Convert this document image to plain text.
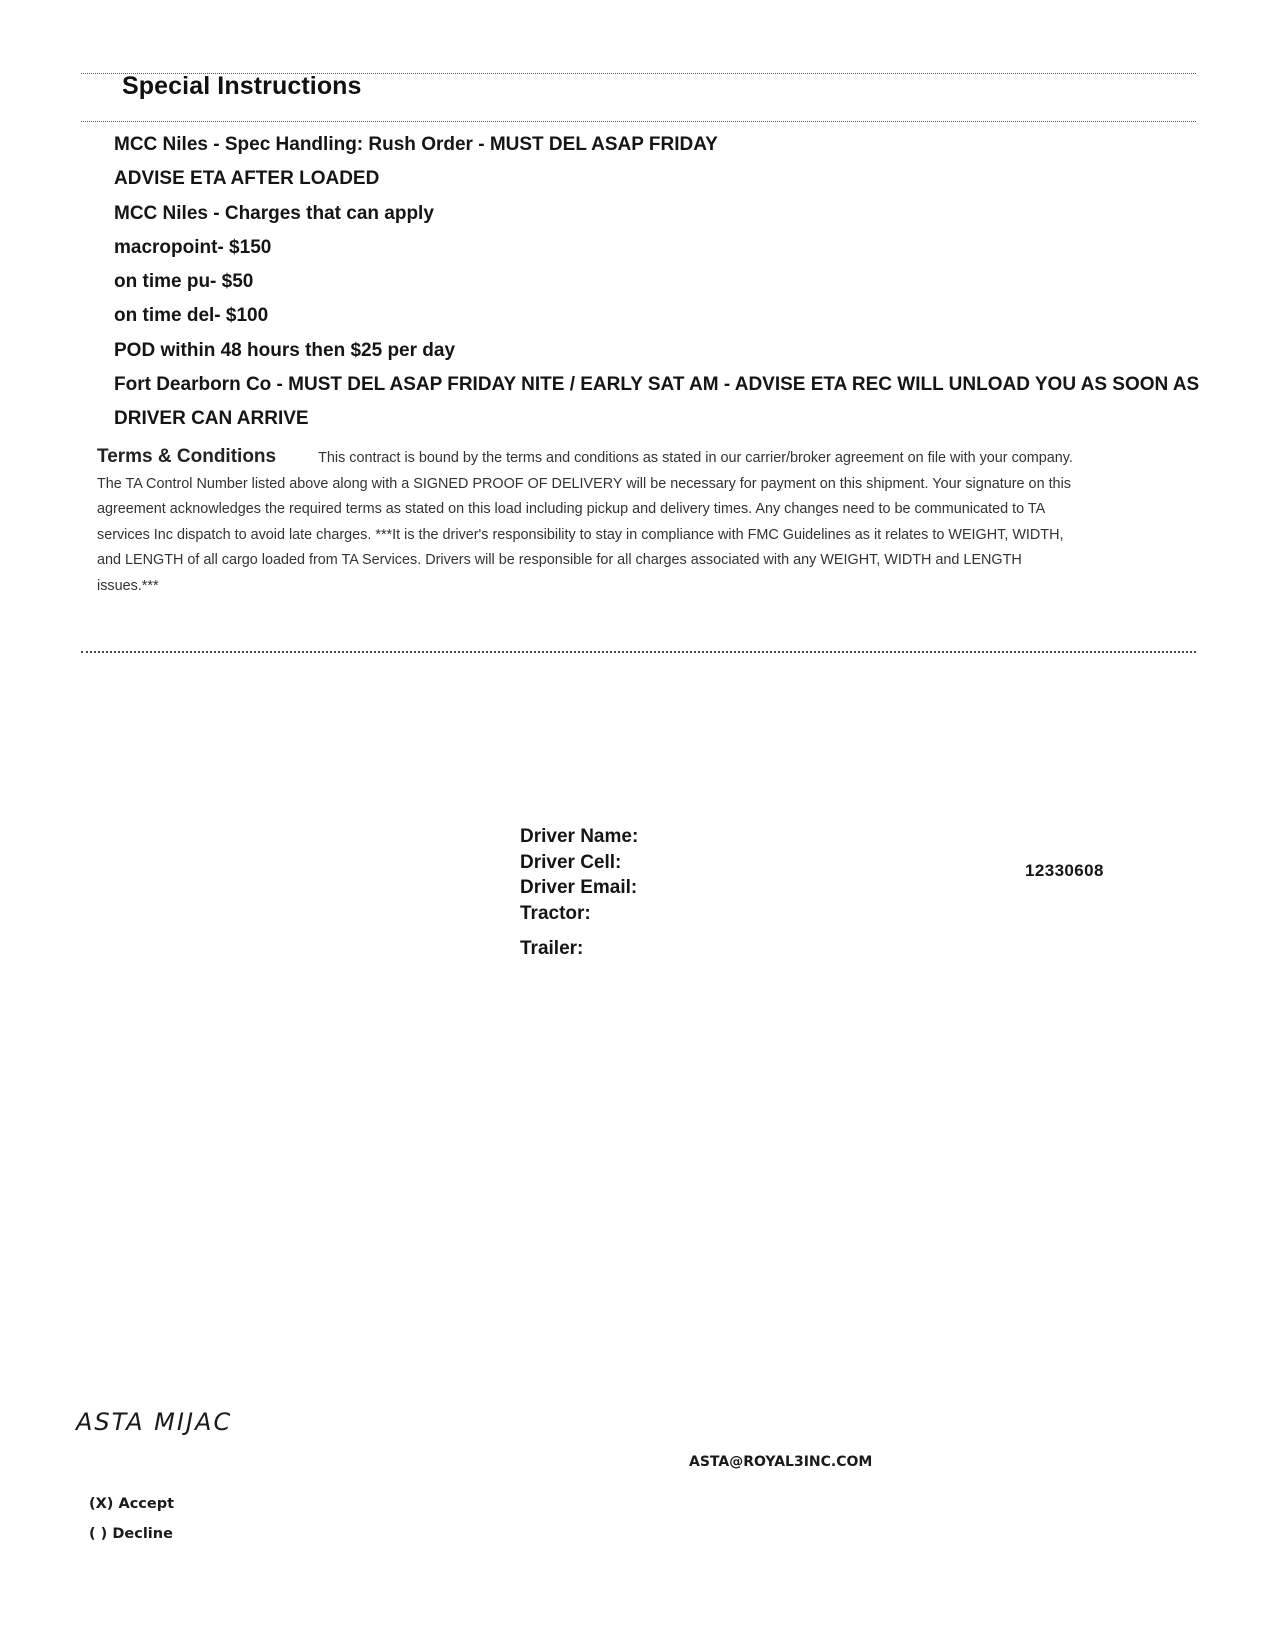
Special Instructions
MCC Niles - Spec Handling: Rush Order - MUST DEL ASAP FRIDAY
ADVISE ETA AFTER LOADED
MCC Niles - Charges that can apply
macropoint- $150
on time pu- $50
on time del- $100
POD within 48 hours then $25 per day
Fort Dearborn Co - MUST DEL ASAP FRIDAY NITE / EARLY SAT AM - ADVISE ETA REC WILL UNLOAD YOU AS SOON AS DRIVER CAN ARRIVE
Terms & Conditions	This contract is bound by the terms and conditions as stated in our carrier/broker agreement on file with your company. The TA Control Number listed above along with a SIGNED PROOF OF DELIVERY will be necessary for payment on this shipment. Your signature on this agreement acknowledges the required terms as stated on this load including pickup and delivery times. Any changes need to be communicated to TA services Inc dispatch to avoid late charges. ***It is the driver's responsibility to stay in compliance with FMC Guidelines as it relates to WEIGHT, WIDTH, and LENGTH of all cargo loaded from TA Services. Drivers will be responsible for all charges associated with any WEIGHT, WIDTH and LENGTH issues.***
Driver Name:
Driver Cell:
Driver Email:
Tractor:
Trailer:
12330608
ASTA MIJAC
ASTA@ROYAL3INC.COM
(X) Accept
( ) Decline
